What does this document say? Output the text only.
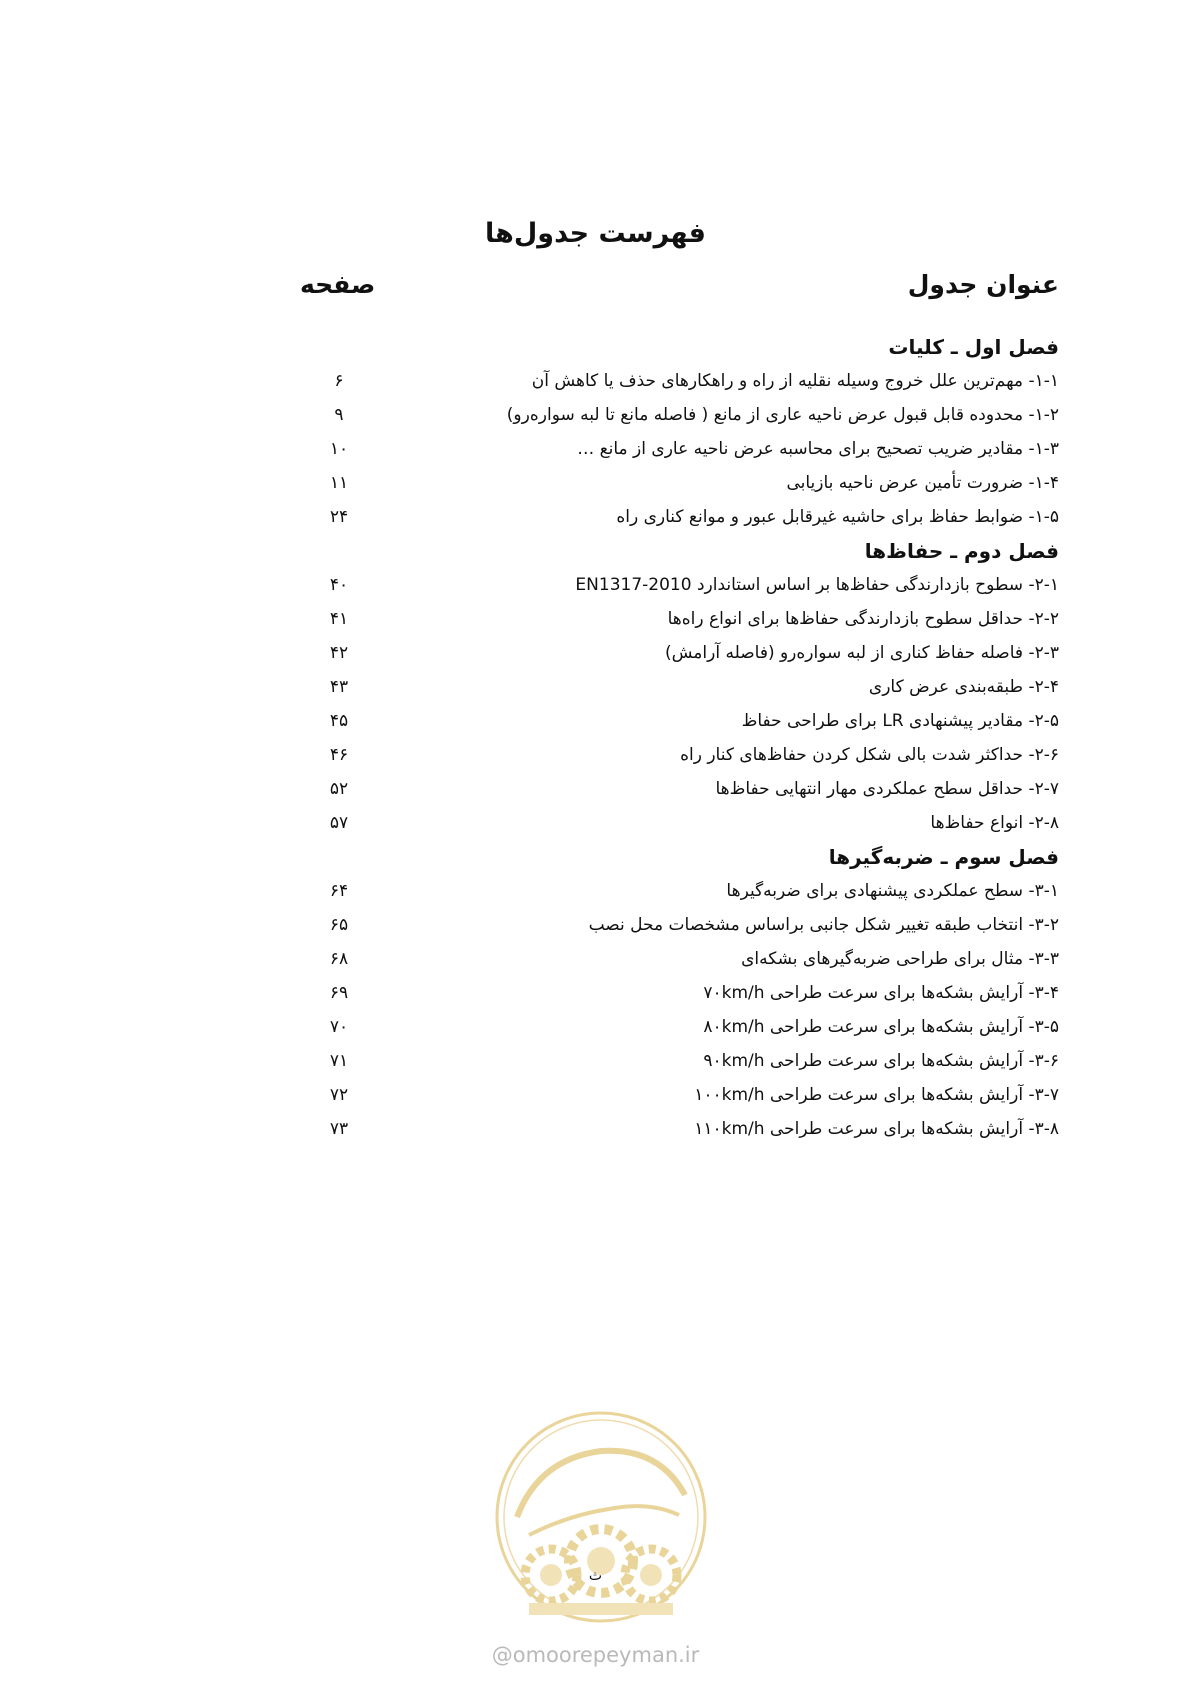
فهرست جدول‌ها
عنوان جدول
صفحه
فصل اول ـ کلیات
۱-۱- مهم‌ترین علل خروج وسیله نقلیه از راه و راهکارهای حذف یا کاهش آن
۶
۱-۲- محدوده قابل قبول عرض ناحیه عاری از مانع ( فاصله مانع تا لبه سواره‌رو)
۹
۱-۳- مقادیر ضریب تصحیح برای محاسبه عرض ناحیه عاری از مانع …
۱۰
۱-۴- ضرورت تأمین عرض ناحیه بازیابی
۱۱
۱-۵- ضوابط حفاظ برای حاشیه غیرقابل عبور و موانع کناری راه
۲۴
فصل دوم ـ حفاظ‌ها
۲-۱- سطوح بازدارندگی حفاظ‌ها بر اساس استاندارد EN1317-2010
۴۰
۲-۲- حداقل سطوح بازدارندگی حفاظ‌ها برای انواع راه‌ها
۴۱
۲-۳- فاصله حفاظ کناری از لبه سواره‌رو (فاصله آرامش)
۴۲
۲-۴- طبقه‌بندی عرض کاری
۴۳
۲-۵- مقادیر پیشنهادی LR برای طراحی حفاظ
۴۵
۲-۶- حداکثر شدت بالی شکل کردن حفاظ‌های کنار راه
۴۶
۲-۷- حداقل سطح عملکردی مهار انتهایی حفاظ‌ها
۵۲
۲-۸- انواع حفاظ‌ها
۵۷
فصل سوم ـ ضربه‌گیرها
۳-۱- سطح عملکردی پیشنهادی برای ضربه‌گیرها
۶۴
۳-۲- انتخاب طبقه تغییر شکل جانبی براساس مشخصات محل نصب
۶۵
۳-۳- مثال برای طراحی ضربه‌گیرهای بشکه‌ای
۶۸
۳-۴- آرایش بشکه‌ها برای سرعت طراحی ۷۰km/h
۶۹
۳-۵- آرایش بشکه‌ها برای سرعت طراحی ۸۰km/h
۷۰
۳-۶- آرایش بشکه‌ها برای سرعت طراحی ۹۰km/h
۷۱
۳-۷- آرایش بشکه‌ها برای سرعت طراحی ۱۰۰km/h
۷۲
۳-۸- آرایش بشکه‌ها برای سرعت طراحی ۱۱۰km/h
۷۳
ث
@omoorepeyman.ir
